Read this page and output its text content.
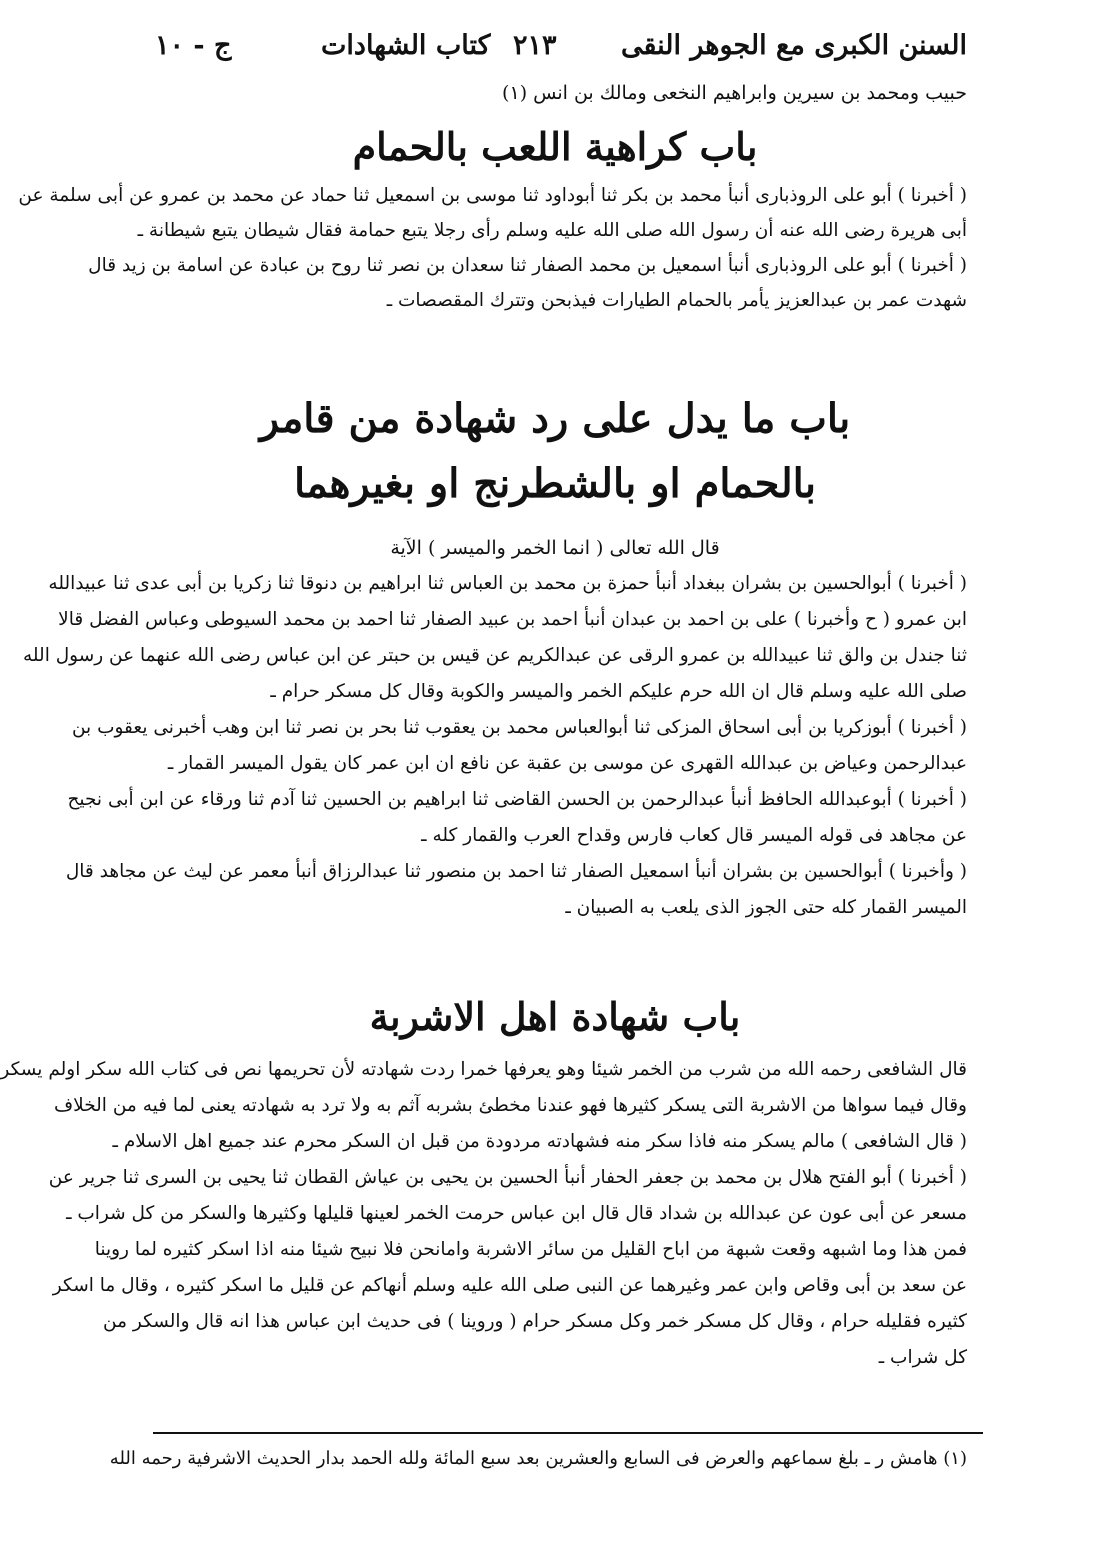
السنن الكبرى مع الجوهر النقى
٢١٣
كتاب الشهادات
ج - ١٠
حبيب ومحمد بن سيرين وابراهيم النخعى ومالك بن انس (١)
باب كراهية اللعب بالحمام
( أخبرنا ) أبو على الروذبارى أنبأ محمد بن بكر ثنا أبوداود ثنا موسى بن اسمعيل ثنا حماد عن محمد بن عمرو عن أبى سلمة عن
أبى هريرة رضى الله عنه أن رسول الله صلى الله عليه وسلم رأى رجلا يتبع حمامة فقال شيطان يتبع شيطانة ـ
( أخبرنا ) أبو على الروذبارى أنبأ اسمعيل بن محمد الصفار ثنا سعدان بن نصر ثنا روح بن عبادة عن اسامة بن زيد قال
شهدت عمر بن عبدالعزيز يأمر بالحمام الطيارات فيذبحن وتترك المقصصات ـ
باب ما يدل على رد شهادة من قامر
بالحمام او بالشطرنج او بغيرهما
قال الله تعالى ( انما الخمر والميسر ) الآية
( أخبرنا ) أبوالحسين بن بشران ببغداد أنبأ حمزة بن محمد بن العباس ثنا ابراهيم بن دنوقا ثنا زكريا بن أبى عدى ثنا عبيدالله
ابن عمرو ( ح وأخبرنا ) على بن احمد بن عبدان أنبأ احمد بن عبيد الصفار ثنا احمد بن محمد السيوطى وعباس الفضل قالا
ثنا جندل بن والق ثنا عبيدالله بن عمرو الرقى عن عبدالكريم عن قيس بن حبتر عن ابن عباس رضى الله عنهما عن رسول الله
صلى الله عليه وسلم قال ان الله حرم عليكم الخمر والميسر والكوبة وقال كل مسكر حرام ـ
( أخبرنا ) أبوزكريا بن أبى اسحاق المزكى ثنا أبوالعباس محمد بن يعقوب ثنا بحر بن نصر ثنا ابن وهب أخبرنى يعقوب بن
عبدالرحمن وعياض بن عبدالله القهرى عن موسى بن عقبة عن نافع ان ابن عمر كان يقول الميسر القمار ـ
( أخبرنا ) أبوعبدالله الحافظ أنبأ عبدالرحمن بن الحسن القاضى ثنا ابراهيم بن الحسين ثنا آدم ثنا ورقاء عن ابن أبى نجيح
عن مجاهد فى قوله الميسر قال كعاب فارس وقداح العرب والقمار كله ـ
( وأخبرنا ) أبوالحسين بن بشران أنبأ اسمعيل الصفار ثنا احمد بن منصور ثنا عبدالرزاق أنبأ معمر عن ليث عن مجاهد قال
الميسر القمار كله حتى الجوز الذى يلعب به الصبيان ـ
باب شهادة اهل الاشربة
قال الشافعى رحمه الله من شرب من الخمر شيئا وهو يعرفها خمرا ردت شهادته لأن تحريمها نص فى كتاب الله سكر اولم يسكر
وقال فيما سواها من الاشربة التى يسكر كثيرها فهو عندنا مخطئ بشربه آثم به ولا ترد به شهادته يعنى لما فيه من الخلاف
( قال الشافعى ) مالم يسكر منه فاذا سكر منه فشهادته مردودة من قبل ان السكر محرم عند جميع اهل الاسلام ـ
( أخبرنا ) أبو الفتح هلال بن محمد بن جعفر الحفار أنبأ الحسين بن يحيى بن عياش القطان ثنا يحيى بن السرى ثنا جرير عن
مسعر عن أبى عون عن عبدالله بن شداد قال قال ابن عباس حرمت الخمر لعينها قليلها وكثيرها والسكر من كل شراب ـ
فمن هذا وما اشبهه وقعت شبهة من اباح القليل من سائر الاشربة وامانحن فلا نبيح شيئا منه اذا اسكر كثيره لما روينا
عن سعد بن أبى وقاص وابن عمر وغيرهما عن النبى صلى الله عليه وسلم أنهاكم عن قليل ما اسكر كثيره ، وقال ما اسكر
كثيره فقليله حرام ، وقال كل مسكر خمر وكل مسكر حرام ( وروينا ) فى حديث ابن عباس هذا انه قال والسكر من
كل شراب ـ
(١) هامش ر ـ بلغ سماعهم والعرض فى السابع والعشرين بعد سبع المائة ولله الحمد بدار الحديث الاشرفية رحمه الله
